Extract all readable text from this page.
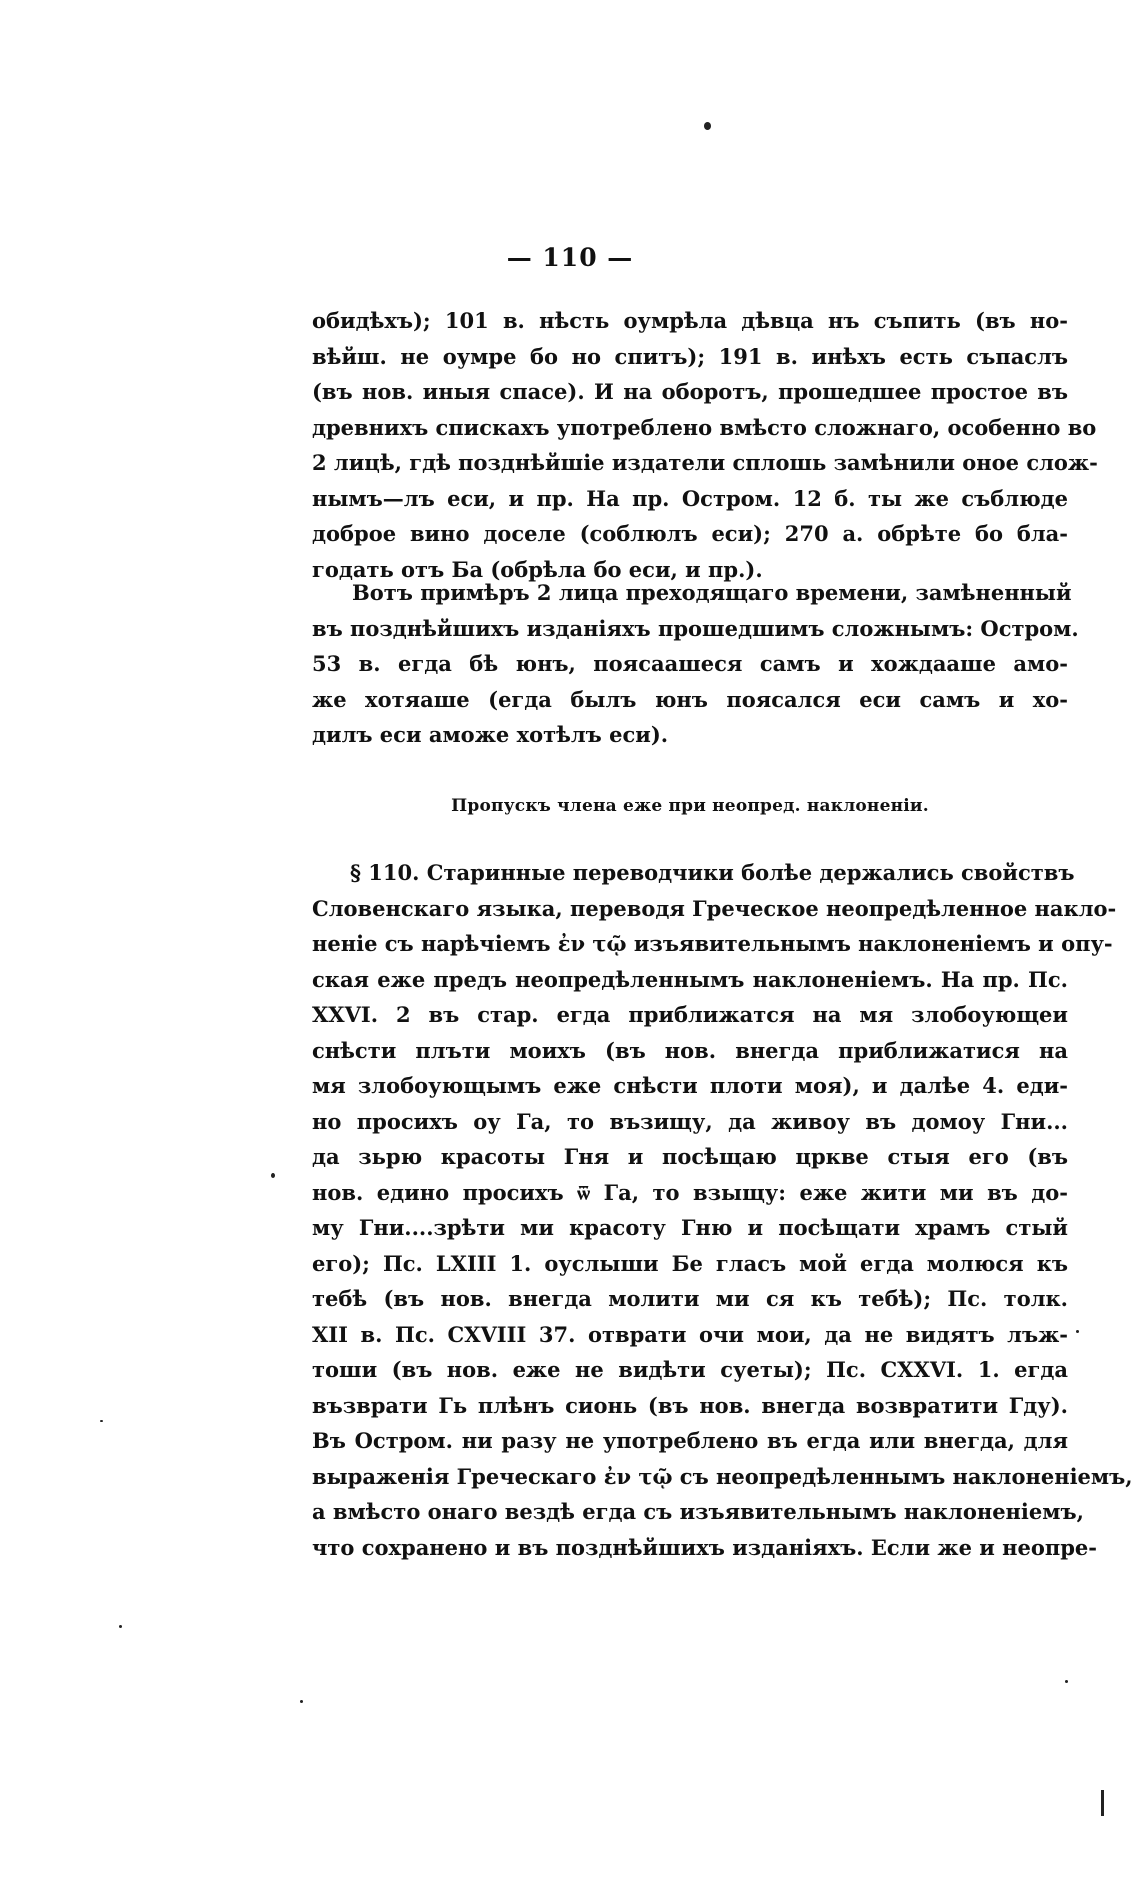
— 110 —
обидѣхъ); 101 в. нѣсть оумрѣла дѣвца нъ съпить (въ но-
вѣйш. не оумре бо но спитъ); 191 в. инѣхъ есть съпаслъ
(въ нов. иныя спасе). И на оборотъ, прошедшее простое въ
древнихъ спискахъ употреблено вмѣсто сложнаго, особенно во
2 лицѣ, гдѣ позднѣйшіе издатели сплошь замѣнили оное слож-
нымъ—лъ еси, и пр. На пр. Остром. 12 б. ты же съблюде
доброе вино доселе (соблюлъ еси); 270 а. обрѣте бо бла-
годать отъ Ба (обрѣла бо еси, и пр.).
Вотъ примѣръ 2 лица преходящаго времени, замѣненный
въ позднѣйшихъ изданіяхъ прошедшимъ сложнымъ: Остром.
53 в. егда бѣ юнъ, поясаашеся самъ и хождааше амо-
же хотяаше (егда былъ юнъ поясался еси самъ и хо-
дилъ еси аможе хотѣлъ еси).
Пропускъ члена еже при неопред. наклоненіи.
§ 110. Старинные переводчики болѣе держались свойствъ
Словенскаго языка, переводя Греческое неопредѣленное накло-
неніе съ нарѣчіемъ ἐν τῷ изъявительнымъ наклоненіемъ и опу-
ская еже предъ неопредѣленнымъ наклоненіемъ. На пр. Пс.
XXVI. 2 въ стар. егда приближатся на мя злобоующеи
снѣсти плъти моихъ (въ нов. внегда приближатися на
мя злобоующымъ еже снѣсти плоти моя), и далѣе 4. еди-
но просихъ оу Га, то възищу, да живоу въ домоу Гни...
да зьрю красоты Гня и посѣщаю цркве стыя его (въ
нов. едино просихъ ѿ Га, то взыщу: еже жити ми въ до-
му Гни....зрѣти ми красоту Гню и посѣщати храмъ стый
его); Пс. LXIII 1. оуслыши Бе гласъ мой егда молюся къ
тебѣ (въ нов. внегда молити ми ся къ тебѣ); Пс. толк.
XII в. Пс. CXVIII 37. отврати очи мои, да не видятъ лъж-
тоши (въ нов. еже не видѣти суеты); Пс. CXXVI. 1. егда
възврати Гь плѣнъ сионь (въ нов. внегда возвратити Гду).
Въ Остром. ни разу не употреблено въ егда или внегда, для
выраженія Греческаго ἐν τῷ съ неопредѣленнымъ наклоненіемъ,
а вмѣсто онаго вездѣ егда съ изъявительнымъ наклоненіемъ,
что сохранено и въ позднѣйшихъ изданіяхъ. Если же и неопре-
